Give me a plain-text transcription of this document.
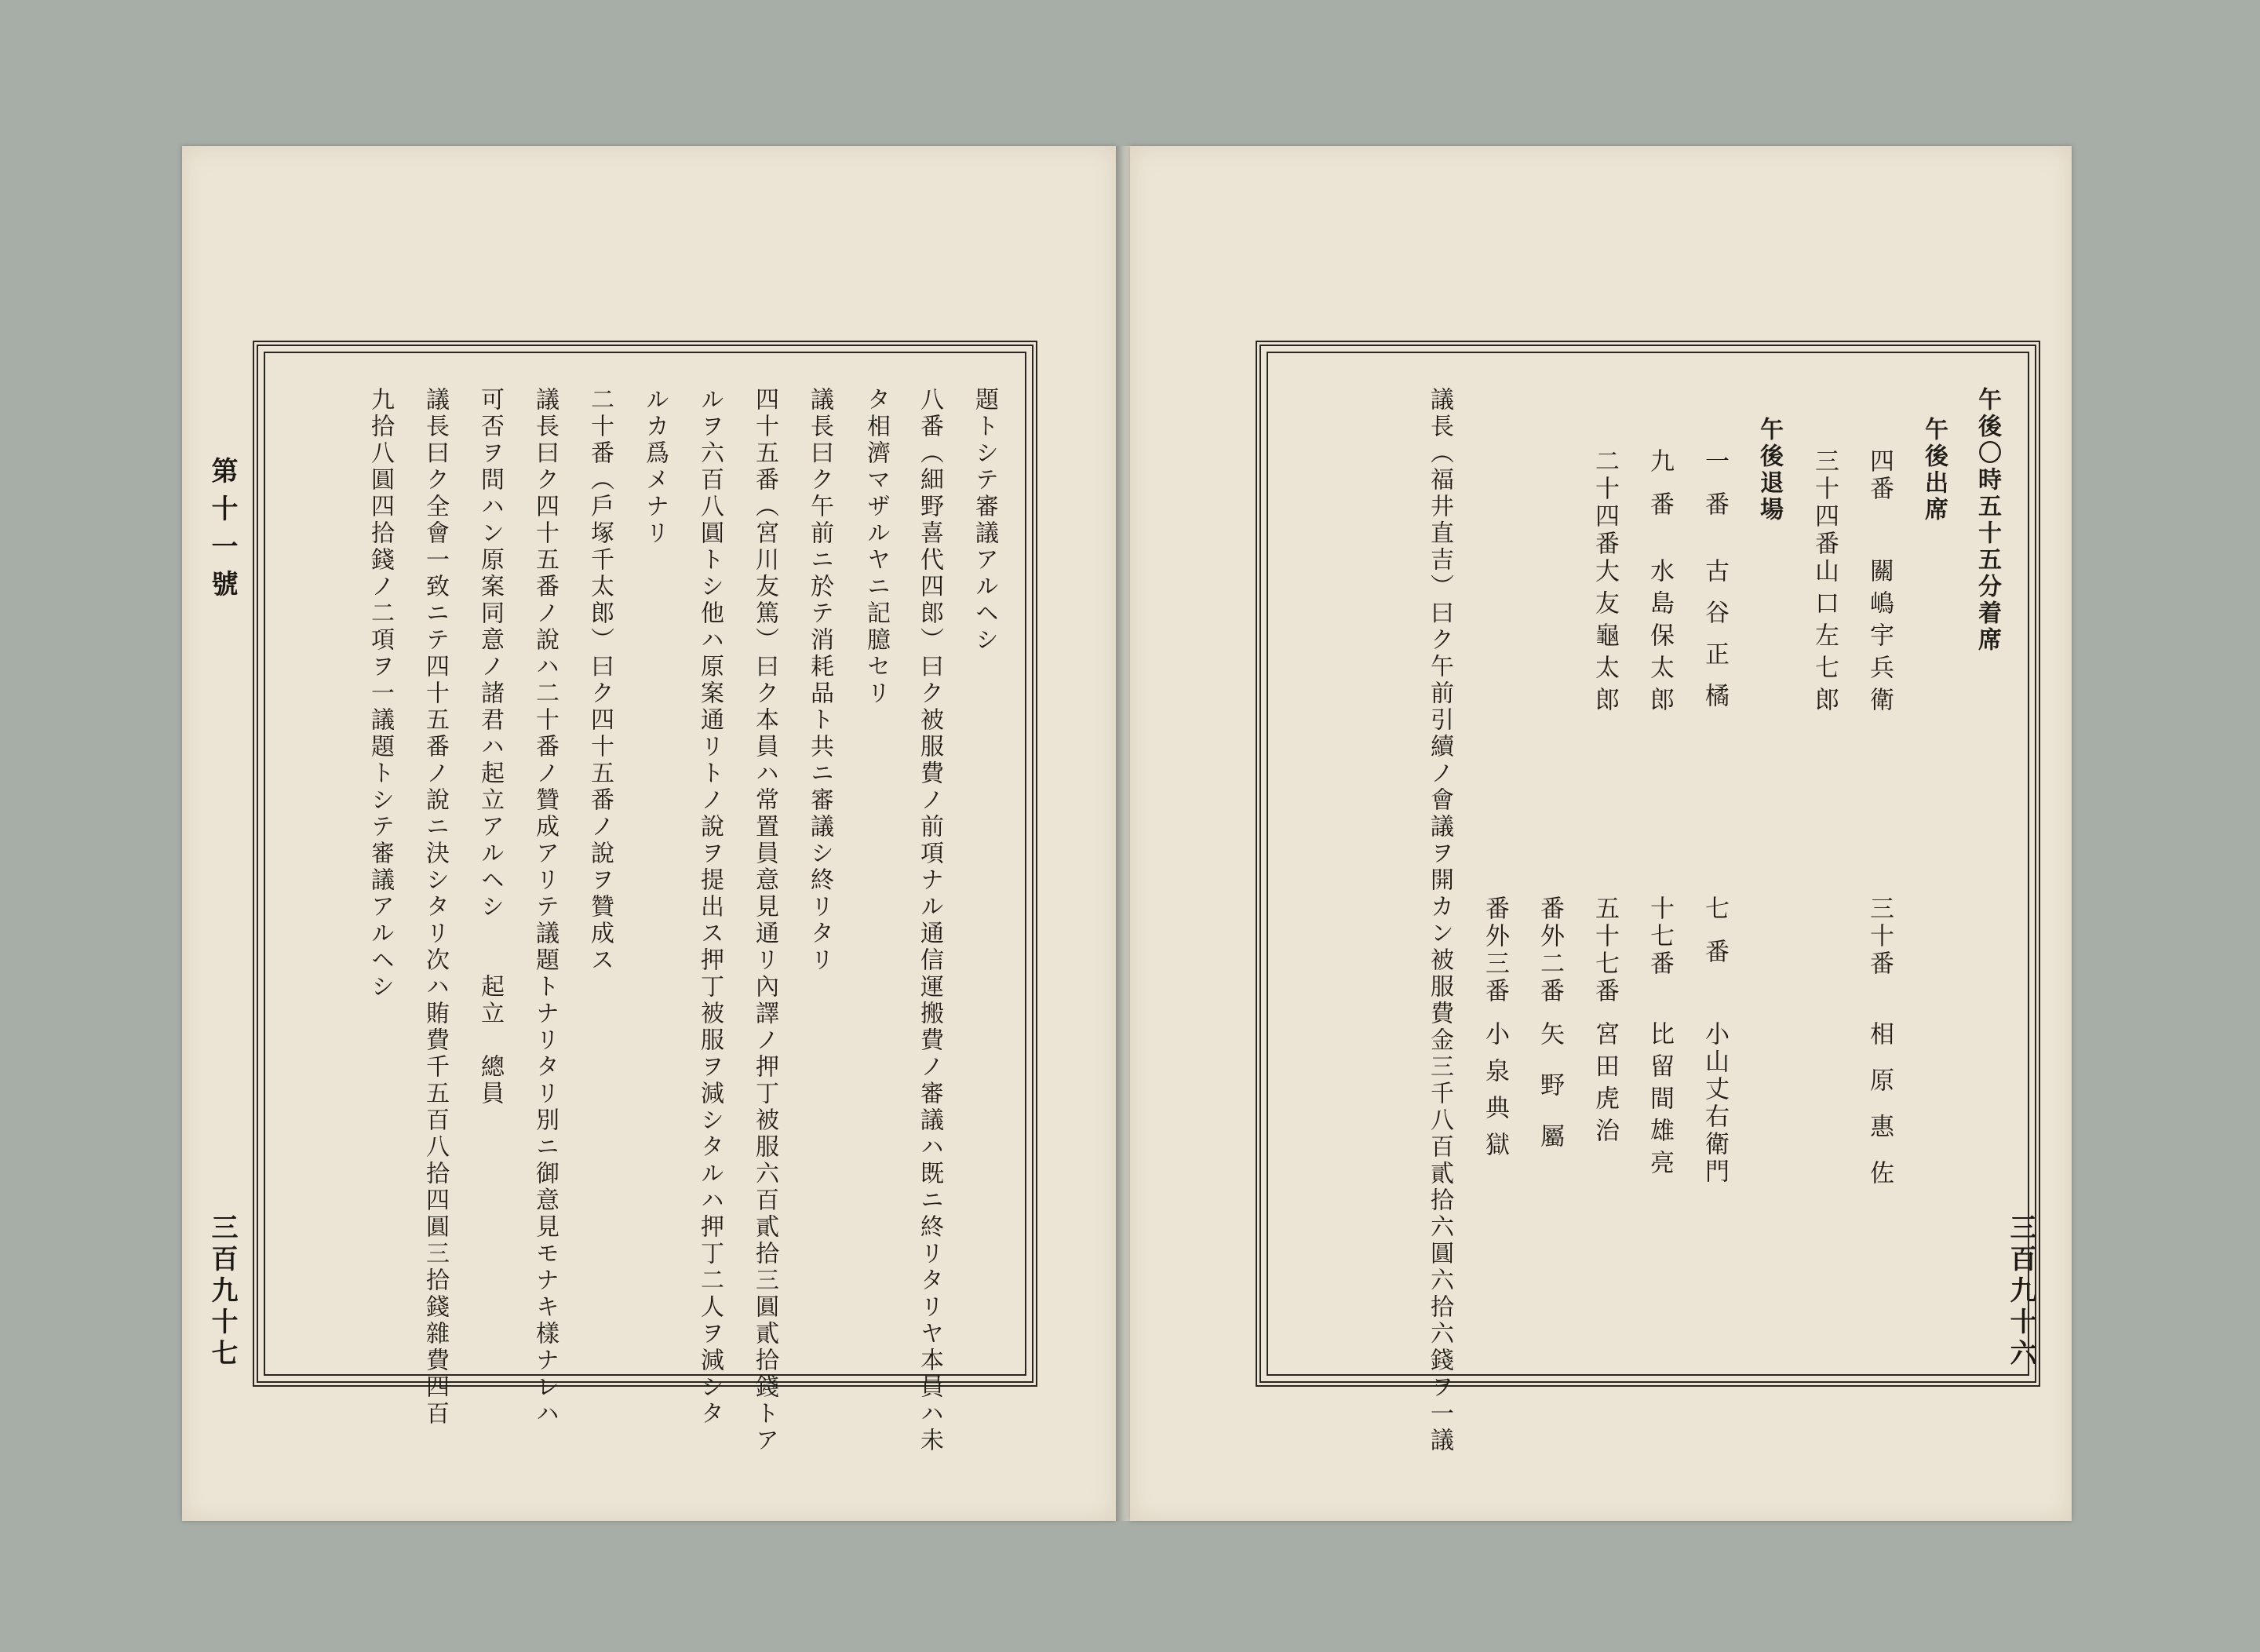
第十一號
三百九十七
題トシテ審議アルヘシ
八番（細野喜代四郎）曰ク被服費ノ前項ナル通信運搬費ノ審議ハ既ニ終リタリヤ本員ハ未
タ相濟マザルヤニ記臆セリ
議長曰ク午前ニ於テ消耗品ト共ニ審議シ終リタリ
四十五番（宮川友篤）曰ク本員ハ常置員意見通リ內譯ノ押丁被服六百貳拾三圓貳拾錢トア
ルヲ六百八圓トシ他ハ原案通リトノ說ヲ提出ス押丁被服ヲ減シタルハ押丁二人ヲ減シタ
ルカ爲メナリ
二十番（戶塚千太郎）曰ク四十五番ノ說ヲ贊成ス
議長曰ク四十五番ノ說ハ二十番ノ贊成アリテ議題トナリタリ別ニ御意見モナキ樣ナレハ
可否ヲ問ハン原案同意ノ諸君ハ起立アルヘシ　　起立　總員
議長曰ク全會一致ニテ四十五番ノ說ニ決シタリ次ハ賄費千五百八拾四圓三拾錢雜費四百
九拾八圓四拾錢ノ二項ヲ一議題トシテ審議アルヘシ
三百九十六
午後〇時五十五分着席
午後出席
四番
關嶋宇兵衛
三十番
相原惠佐
三十四番
山口左七郎
午後退場
一番
古谷正橘
七番
小山丈右衛門
九番
水島保太郎
十七番
比留間雄亮
二十四番
大友龜太郎
五十七番
宮田虎治
番外二番
矢野屬
番外三番
小泉典獄
議長（福井直吉）曰ク午前引續ノ會議ヲ開カン被服費金三千八百貳拾六圓六拾六錢ヲ一議
